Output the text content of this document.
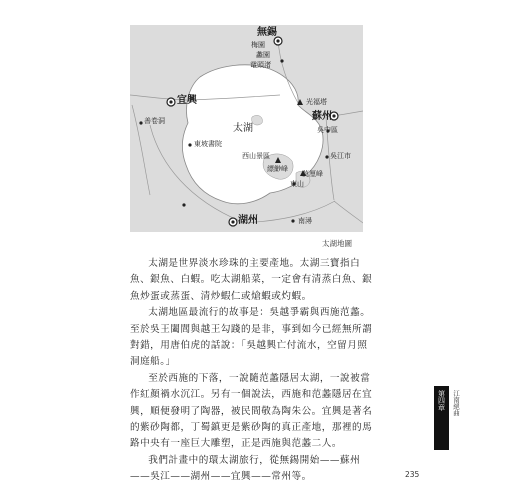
無錫
梅園
蠡園
鼋頭渚
宜興
蘇州
湖州
太湖
光福塔
吳中區
吳江市
善卷洞
東坡書院
西山景區
縹緲峰
莫厘峰
東山
南潯
太湖地圖

太湖是世界淡水珍珠的主要產地。太湖三寶指白魚、銀魚、白蝦。吃太湖船菜，一定會有清蒸白魚、銀魚炒蛋或蒸蛋、清炒蝦仁或熗蝦或灼蝦。

太湖地區最流行的故事是：吳越爭霸與西施范蠡。至於吳王闔閭與越王勾踐的是非，事到如今已經無所謂對錯，用唐伯虎的話說：「吳越興亡付流水，空留月照洞庭船。」

至於西施的下落，一說隨范蠡隱居太湖，一說被當作紅顏禍水沉江。另有一個說法，西施和范蠡隱居在宜興，順便發明了陶器，被民間敬為陶朱公。宜興是著名的紫砂陶都，丁蜀鎮更是紫砂陶的真正產地，那裡的馬路中央有一座巨大雕塑，正是西施與范蠡二人。

我們計畫中的環太湖旅行，從無錫開始——蘇州——吳江——湖州——宜興——常州等。

第四章 江南絕曲
235
